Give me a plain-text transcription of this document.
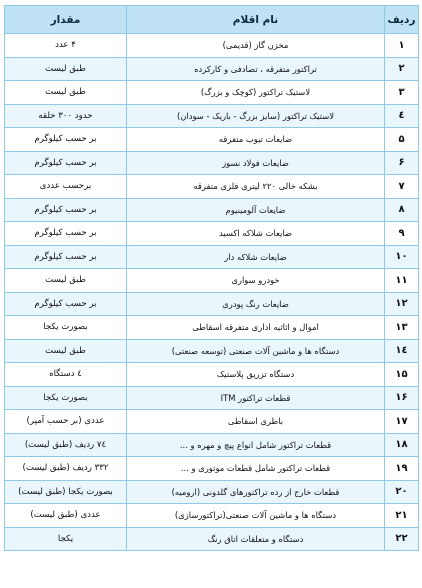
ردیف	نام اقلام	مقدار
۱	مخزن گاز (قدیمی)	۴ عدد
۲	تراکتور متفرقه ، تصادفی و کارکرده	طبق لیست
۳	لاستیک تراکتور (کوچک و بزرگ)	طبق لیست
٤	لاستیک تراکتور (سایز بزرگ - باریک - سودان)	حدود ۳۰۰ حلقه
۵	ضایعات تیوب متفرقه	بر حسب کیلوگرم
۶	ضایعات فولاد نسوز	بر حسب کیلوگرم
۷	بشکه خالی ۲۲۰ لیتری فلزی متفرقه	برحسب عددی
۸	ضایعات آلومینیوم	بر حسب کیلوگرم
۹	ضایعات شلاکه اکسید	بر حسب کیلوگرم
۱۰	ضایعات شلاکه دار	بر حسب کیلوگرم
۱۱	خودرو سواری	طبق لیست
۱۲	ضایعات رنگ پودری	بر حسب کیلوگرم
۱۳	اموال و اثاثیه اداری متفرقه اسقاطی	بصورت یکجا
۱٤	دستگاه ها و ماشین آلات صنعتی (توسعه صنعتی)	طبق لیست
۱۵	دستگاه تزریق پلاستیک	٤ دستگاه
۱۶	قطعات تراکتور ITM	بصورت یکجا
۱۷	باطری اسقاطی	عددی (بر حسب آمپر)
۱۸	قطعات تراکتور شامل انواع پیچ و مهره و ...	۷٤ ردیف (طبق لیست)
۱۹	قطعات تراکتور شامل قطعات موتوری و ...	۳۳۲ ردیف (طبق لیست)
۲۰	قطعات خارج از رده تراکتورهای گلدونی (ارومیه)	بصورت یکجا (طبق لیست)
۲۱	دستگاه ها و ماشین آلات صنعتی(تراکتورسازی)	عددی (طبق لیست)
۲۲	دستگاه و متعلقات اتاق رنگ	یکجا
